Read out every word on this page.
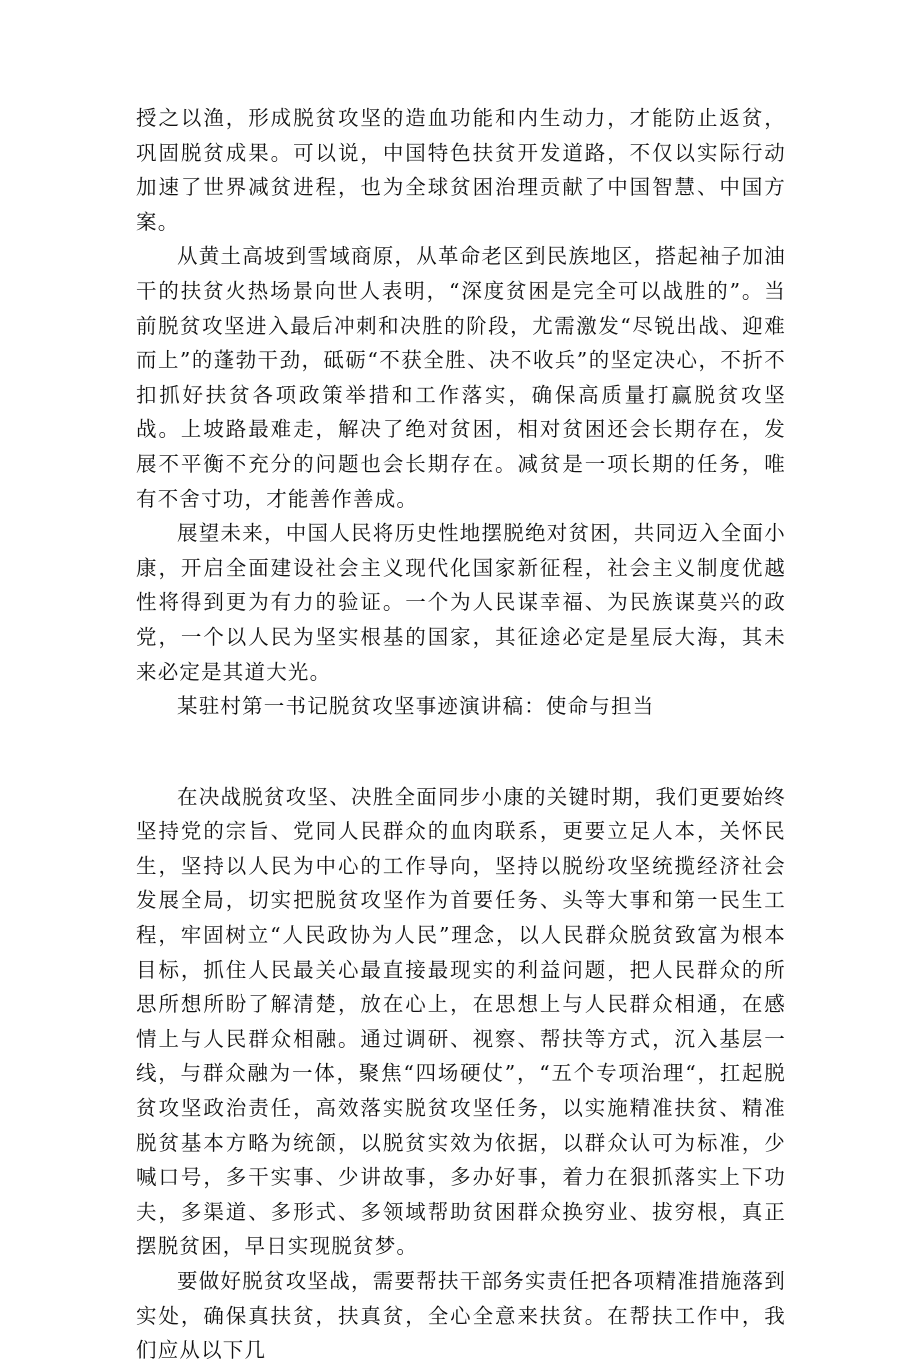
授之以渔，形成脱贫攻坚的造血功能和内生动力，才能防止返贫，巩固脱贫成果。可以说，中国特色扶贫开发道路，不仅以实际行动加速了世界减贫进程，也为全球贫困治理贡献了中国智慧、中国方案。

从黄土高坡到雪域商原，从革命老区到民族地区，搭起袖子加油干的扶贫火热场景向世人表明，“深度贫困是完全可以战胜的”。当前脱贫攻坚进入最后冲刺和决胜的阶段，尤需激发“尽锐出战、迎难而上”的蓬勃干劲，砥砺“不获全胜、决不收兵”的坚定决心，不折不扣抓好扶贫各项政策举措和工作落实，确保高质量打赢脱贫攻坚战。上坡路最难走，解决了绝对贫困，相对贫困还会长期存在，发展不平衡不充分的问题也会长期存在。减贫是一项长期的任务，唯有不舍寸功，才能善作善成。

展望未来，中国人民将历史性地摆脱绝对贫困，共同迈入全面小康，开启全面建设社会主义现代化国家新征程，社会主义制度优越性将得到更为有力的验证。一个为人民谋幸福、为民族谋莫兴的政党，一个以人民为坚实根基的国家，其征途必定是星辰大海，其未来必定是其道大光。

某驻村第一书记脱贫攻坚事迹演讲稿：使命与担当

在决战脱贫攻坚、决胜全面同步小康的关键时期，我们更要始终坚持党的宗旨、党同人民群众的血肉联系，更要立足人本，关怀民生，坚持以人民为中心的工作导向，坚持以脱纷攻坚统揽经济社会发展全局，切实把脱贫攻坚作为首要任务、头等大事和第一民生工程，牢固树立“人民政协为人民”理念，以人民群众脱贫致富为根本目标，抓住人民最关心最直接最现实的利益问题，把人民群众的所思所想所盼了解清楚，放在心上，在思想上与人民群众相通，在感情上与人民群众相融。通过调研、视察、帮扶等方式，沉入基层一线，与群众融为一体，聚焦“四场硬仗”，“五个专项治理“，扛起脱贫攻坚政治责任，高效落实脱贫攻坚任务，以实施精准扶贫、精准脱贫基本方略为统颌，以脱贫实效为依据，以群众认可为标准，少喊口号，多干实事、少讲故事，多办好事，着力在狠抓落实上下功夫，多渠道、多形式、多领域帮助贫困群众换穷业、拔穷根，真正摆脱贫困，早日实现脱贫梦。

要做好脱贫攻坚战，需要帮扶干部务实责任把各项精准措施落到实处，确保真扶贫，扶真贫，全心全意来扶贫。在帮扶工作中，我们应从以下几
